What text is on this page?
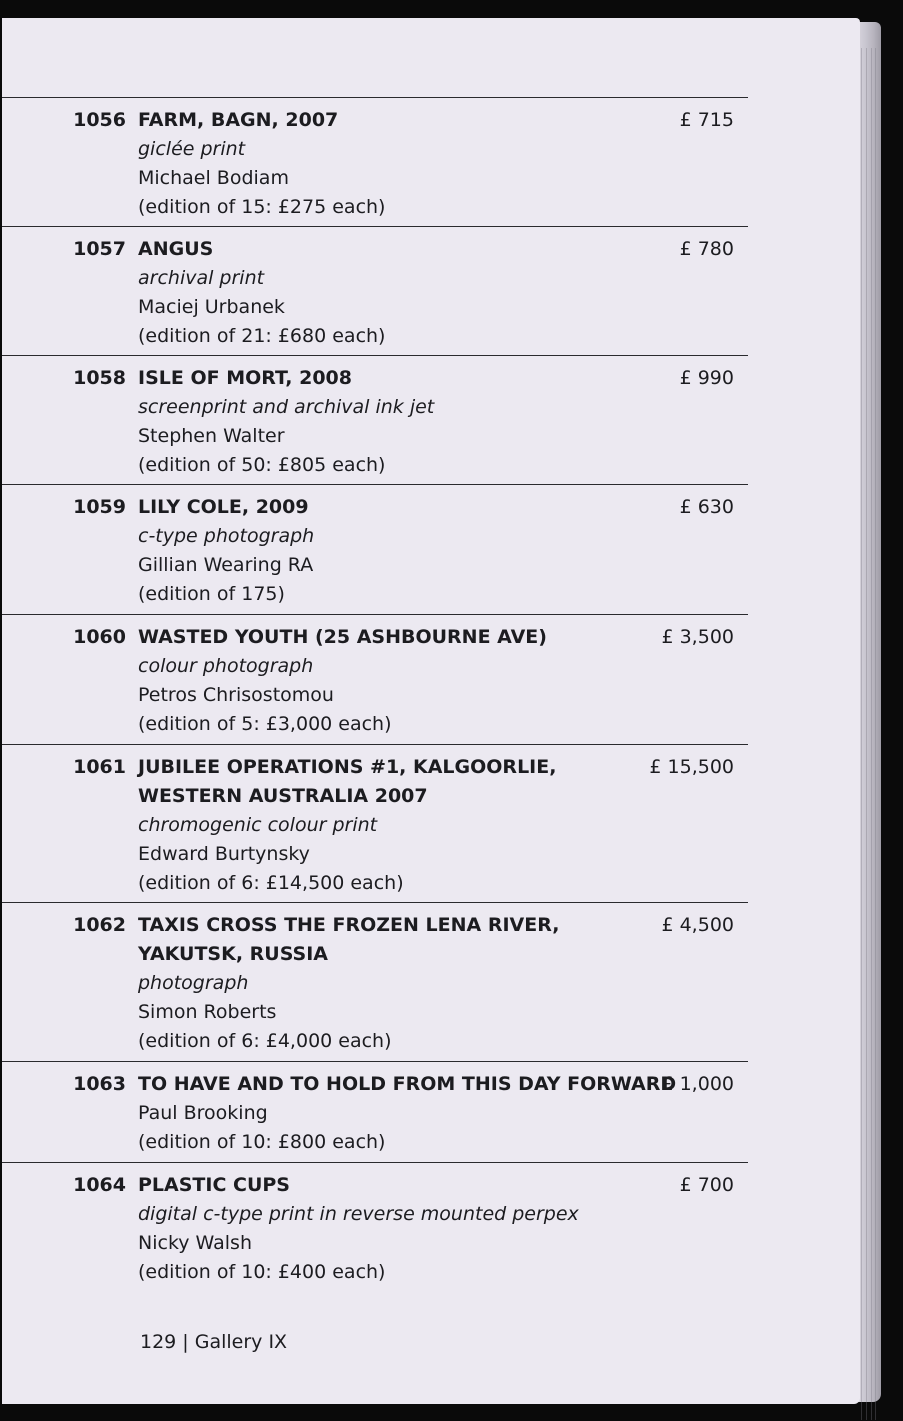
1056 FARM, BAGN, 2007
giclée print
Michael Bodiam
(edition of 15: £275 each)
£ 715
1057 ANGUS
archival print
Maciej Urbanek
(edition of 21: £680 each)
£ 780
1058 ISLE OF MORT, 2008
screenprint and archival ink jet
Stephen Walter
(edition of 50: £805 each)
£ 990
1059 LILY COLE, 2009
c-type photograph
Gillian Wearing RA
(edition of 175)
£ 630
1060 WASTED YOUTH (25 ASHBOURNE AVE)
colour photograph
Petros Chrisostomou
(edition of 5: £3,000 each)
£ 3,500
1061 JUBILEE OPERATIONS #1, KALGOORLIE, WESTERN AUSTRALIA 2007
chromogenic colour print
Edward Burtynsky
(edition of 6: £14,500 each)
£ 15,500
1062 TAXIS CROSS THE FROZEN LENA RIVER, YAKUTSK, RUSSIA
photograph
Simon Roberts
(edition of 6: £4,000 each)
£ 4,500
1063 TO HAVE AND TO HOLD FROM THIS DAY FORWARD
Paul Brooking
(edition of 10: £800 each)
£ 1,000
1064 PLASTIC CUPS
digital c-type print in reverse mounted perpex
Nicky Walsh
(edition of 10: £400 each)
£ 700
129 | Gallery IX
